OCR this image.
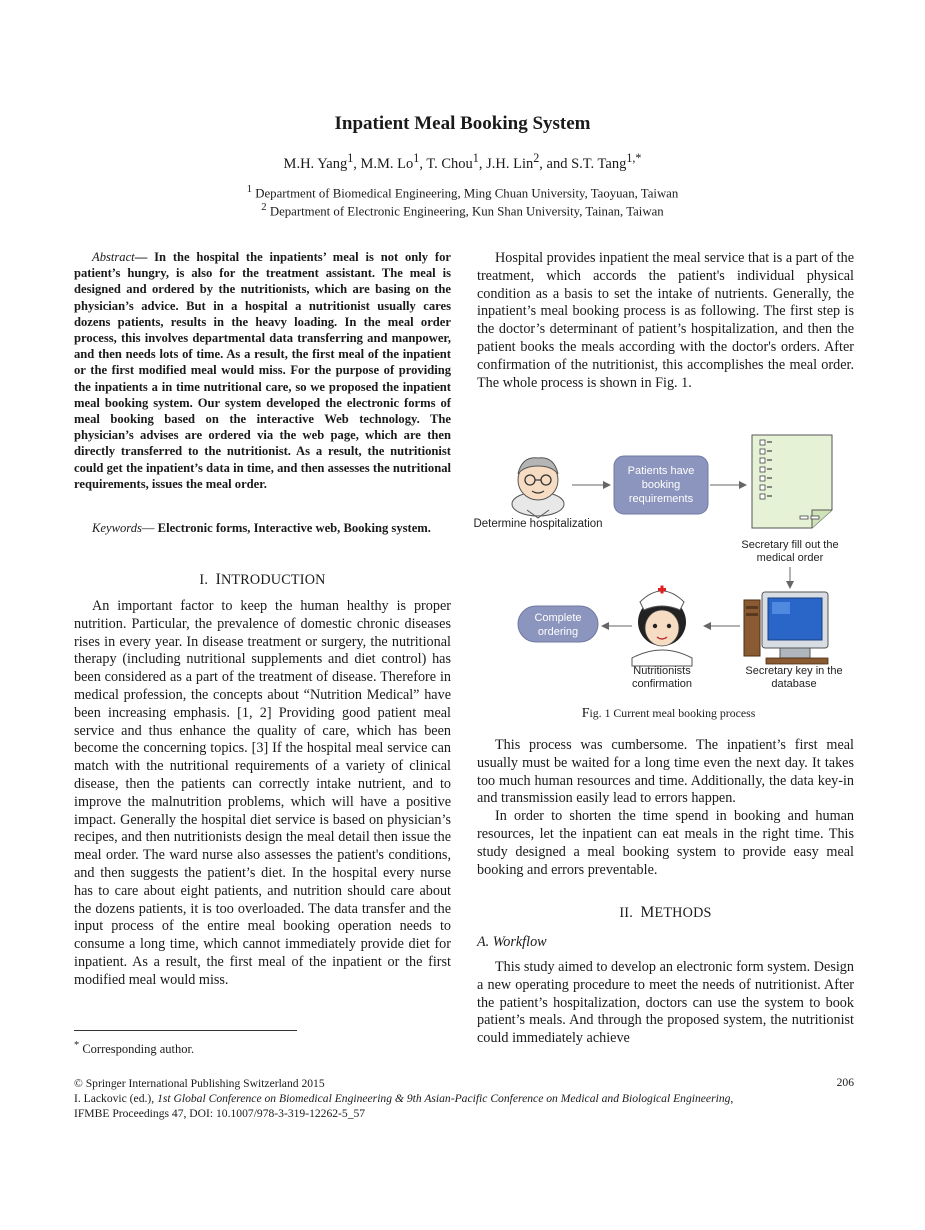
Inpatient Meal Booking System
M.H. Yang$^1$, M.M. Lo$^1$, T. Chou$^1$, J.H. Lin$^2$, and S.T. Tang$^{1,*}$
$^1$ Department of Biomedical Engineering, Ming Chuan University, Taoyuan, Taiwan
$^2$ Department of Electronic Engineering, Kun Shan University, Tainan, Taiwan

Abstract— In the hospital the inpatients’ meal is not only for patient’s hungry, is also for the treatment assistant. The meal is designed and ordered by the nutritionists, which are basing on the physician’s advice. But in a hospital a nutritionist usually cares dozens patients, results in the heavy loading. In the meal order process, this involves departmental data transferring and manpower, and then needs lots of time. As a result, the first meal of the inpatient or the first modified meal would miss. For the purpose of providing the inpatients a in time nutritional care, so we proposed the inpatient meal booking system. Our system developed the electronic forms of meal booking based on the interactive Web technology. The physician’s advises are ordered via the web page, which are then directly transferred to the nutritionist. As a result, the nutritionist could get the inpatient’s data in time, and then assesses the nutritional requirements, issues the meal order.

Keywords— Electronic forms, Interactive web, Booking system.

I. INTRODUCTION

An important factor to keep the human healthy is proper nutrition. Particular, the prevalence of domestic chronic diseases rises in every year. In disease treatment or surgery, the nutritional therapy (including nutritional supplements and diet control) has been considered as a part of the treatment of disease. Therefore in medical profession, the concepts about “Nutrition Medical” have been increasing emphasis. [1, 2] Providing good patient meal service and thus enhance the quality of care, which has been become the concerning topics. [3] If the hospital meal service can match with the nutritional requirements of a variety of clinical disease, then the patients can correctly intake nutrient, and to improve the malnutrition problems, which will have a positive impact. Generally the hospital diet service is based on physician’s recipes, and then nutritionists design the meal detail then issue the meal order. The ward nurse also assesses the patient's conditions, and then suggests the patient’s diet. In the hospital every nurse has to care about eight patients, and nutrition should care about the dozens patients, it is too overloaded. The data transfer and the input process of the entire meal booking operation needs to consume a long time, which cannot immediately provide diet for inpatient. As a result, the first meal of the inpatient or the first modified meal would miss.

* Corresponding author.

Hospital provides inpatient the meal service that is a part of the treatment, which accords the patient's individual physical condition as a basis to set the intake of nutrients. Generally, the inpatient’s meal booking process is as following. The first step is the doctor’s determinant of patient’s hospitalization, and then the patient books the meals according with the doctor's orders. After confirmation of the nutritionist, this accomplishes the meal order. The whole process is shown in Fig. 1.

Determine hospitalization
Patients have
booking
requirements
Secretary fill out the
medical order
Secretary key in the
database
Nutritionists
confirmation
Complete
ordering
Fig. 1 Current meal booking process

This process was cumbersome. The inpatient’s first meal usually must be waited for a long time even the next day. It takes too much human resources and time. Additionally, the data key-in and transmission easily lead to errors happen.

In order to shorten the time spend in booking and human resources, let the inpatient can eat meals in the right time. This study designed a meal booking system to provide easy meal booking and errors preventable.

II. METHODS
A. Workflow

This study aimed to develop an electronic form system. Design a new operating procedure to meet the needs of nutritionist. After the patient’s hospitalization, doctors can use the system to book patient’s meals. And through the proposed system, the nutritionist could immediately achieve

© Springer International Publishing Switzerland 2015
I. Lackovic (ed.), 1st Global Conference on Biomedical Engineering & 9th Asian-Pacific Conference on Medical and Biological Engineering,
IFMBE Proceedings 47, DOI: 10.1007/978-3-319-12262-5_57
206
